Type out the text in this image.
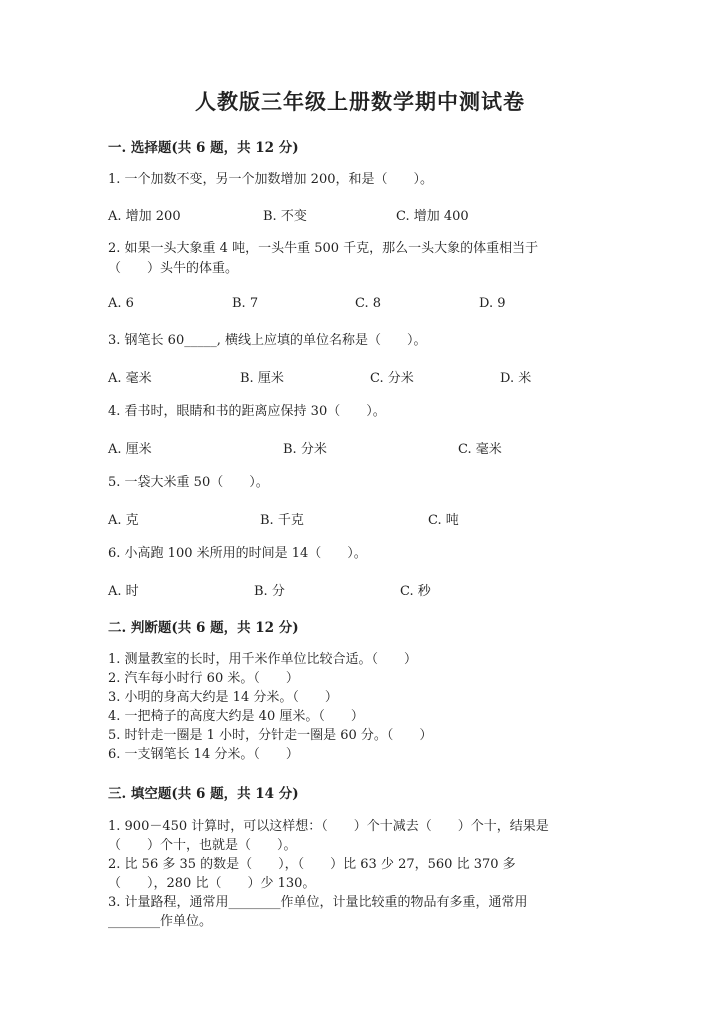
人教版三年级上册数学期中测试卷
一. 选择题(共 6 题，共 12 分)
1. 一个加数不变，另一个加数增加 200，和是（　　）。
A. 增加 200	B. 不变	C. 增加 400
2. 如果一头大象重 4 吨，一头牛重 500 千克，那么一头大象的体重相当于
（　　）头牛的体重。
A. 6	B. 7	C. 8	D. 9
3. 钢笔长 60_____, 横线上应填的单位名称是（　　）。
A. 毫米	B. 厘米	C. 分米	D. 米
4. 看书时，眼睛和书的距离应保持 30（　　）。
A. 厘米	B. 分米	C. 毫米
5. 一袋大米重 50（　　）。
A. 克	B. 千克	C. 吨
6. 小高跑 100 米所用的时间是 14（　　）。
A. 时	B. 分	C. 秒
二. 判断题(共 6 题，共 12 分)
1. 测量教室的长时，用千米作单位比较合适。（　　）
2. 汽车每小时行 60 米。（　　）
3. 小明的身高大约是 14 分米。（　　）
4. 一把椅子的高度大约是 40 厘米。（　　）
5. 时针走一圈是 1 小时，分针走一圈是 60 分。（　　）
6. 一支钢笔长 14 分米。（　　）
三. 填空题(共 6 题，共 14 分)
1. 900－450 计算时，可以这样想：（　　）个十减去（　　）个十，结果是
（　　）个十，也就是（　　）。
2. 比 56 多 35 的数是（　　），（　　）比 63 少 27，560 比 370 多
（　　），280 比（　　）少 130。
3. 计量路程，通常用________作单位，计量比较重的物品有多重，通常用
________作单位。
